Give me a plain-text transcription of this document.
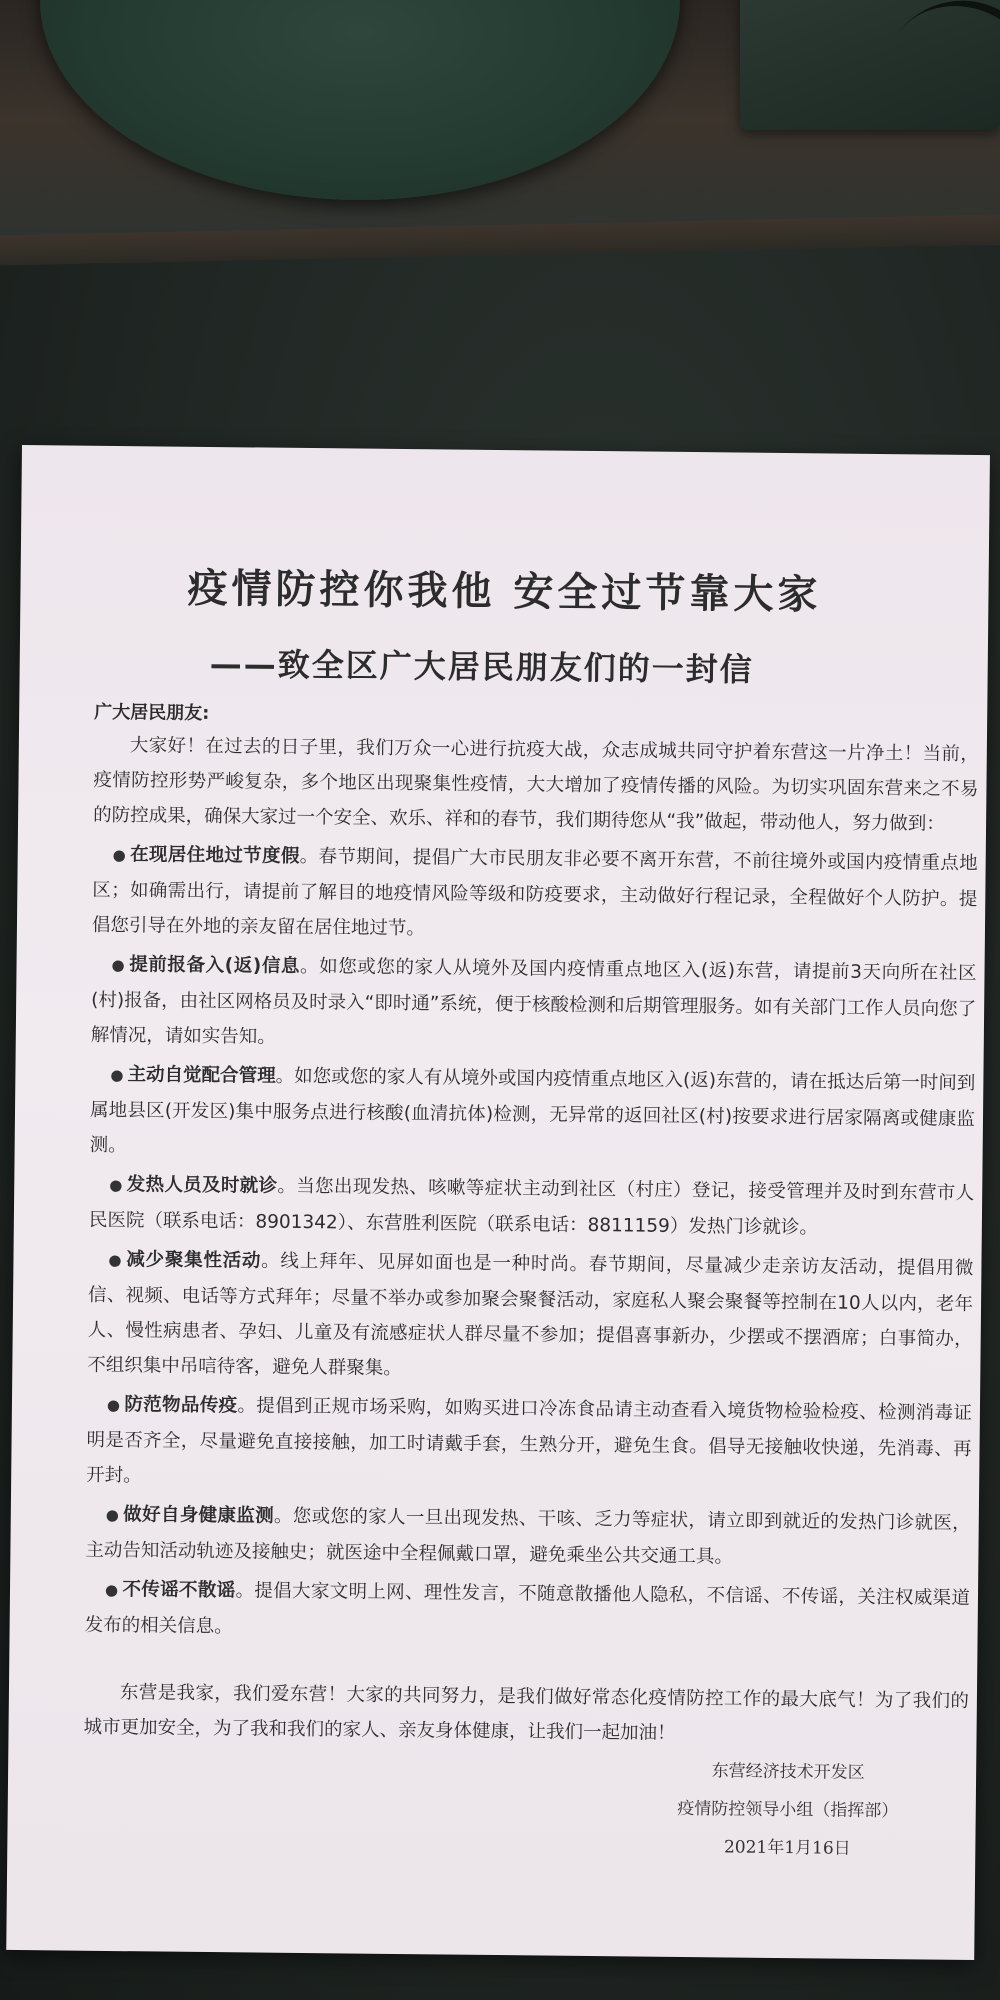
疫情防控你我他 安全过节靠大家
——致全区广大居民朋友们的一封信
广大居民朋友:

大家好！在过去的日子里，我们万众一心进行抗疫大战，众志成城共同守护着东营这一片净土！当前，疫情防控形势严峻复杂，多个地区出现聚集性疫情，大大增加了疫情传播的风险。为切实巩固东营来之不易的防控成果，确保大家过一个安全、欢乐、祥和的春节，我们期待您从“我”做起，带动他人，努力做到：

● 在现居住地过节度假。春节期间，提倡广大市民朋友非必要不离开东营，不前往境外或国内疫情重点地区；如确需出行，请提前了解目的地疫情风险等级和防疫要求，主动做好行程记录，全程做好个人防护。提倡您引导在外地的亲友留在居住地过节。

● 提前报备入(返)信息。如您或您的家人从境外及国内疫情重点地区入(返)东营，请提前3天向所在社区(村)报备，由社区网格员及时录入“即时通”系统，便于核酸检测和后期管理服务。如有关部门工作人员向您了解情况，请如实告知。

● 主动自觉配合管理。如您或您的家人有从境外或国内疫情重点地区入(返)东营的，请在抵达后第一时间到属地县区(开发区)集中服务点进行核酸(血清抗体)检测，无异常的返回社区(村)按要求进行居家隔离或健康监测。

● 发热人员及时就诊。当您出现发热、咳嗽等症状主动到社区（村庄）登记，接受管理并及时到东营市人民医院（联系电话：8901342）、东营胜利医院（联系电话：8811159）发热门诊就诊。

● 减少聚集性活动。线上拜年、见屏如面也是一种时尚。春节期间，尽量减少走亲访友活动，提倡用微信、视频、电话等方式拜年；尽量不举办或参加聚会聚餐活动，家庭私人聚会聚餐等控制在10人以内，老年人、慢性病患者、孕妇、儿童及有流感症状人群尽量不参加；提倡喜事新办，少摆或不摆酒席；白事简办，不组织集中吊唁待客，避免人群聚集。

● 防范物品传疫。提倡到正规市场采购，如购买进口冷冻食品请主动查看入境货物检验检疫、检测消毒证明是否齐全，尽量避免直接接触，加工时请戴手套，生熟分开，避免生食。倡导无接触收快递，先消毒、再开封。

● 做好自身健康监测。您或您的家人一旦出现发热、干咳、乏力等症状，请立即到就近的发热门诊就医，主动告知活动轨迹及接触史；就医途中全程佩戴口罩，避免乘坐公共交通工具。

● 不传谣不散谣。提倡大家文明上网、理性发言，不随意散播他人隐私，不信谣、不传谣，关注权威渠道发布的相关信息。

东营是我家，我们爱东营！大家的共同努力，是我们做好常态化疫情防控工作的最大底气！为了我们的城市更加安全，为了我和我们的家人、亲友身体健康，让我们一起加油！

东营经济技术开发区
疫情防控领导小组（指挥部）
2021年1月16日
